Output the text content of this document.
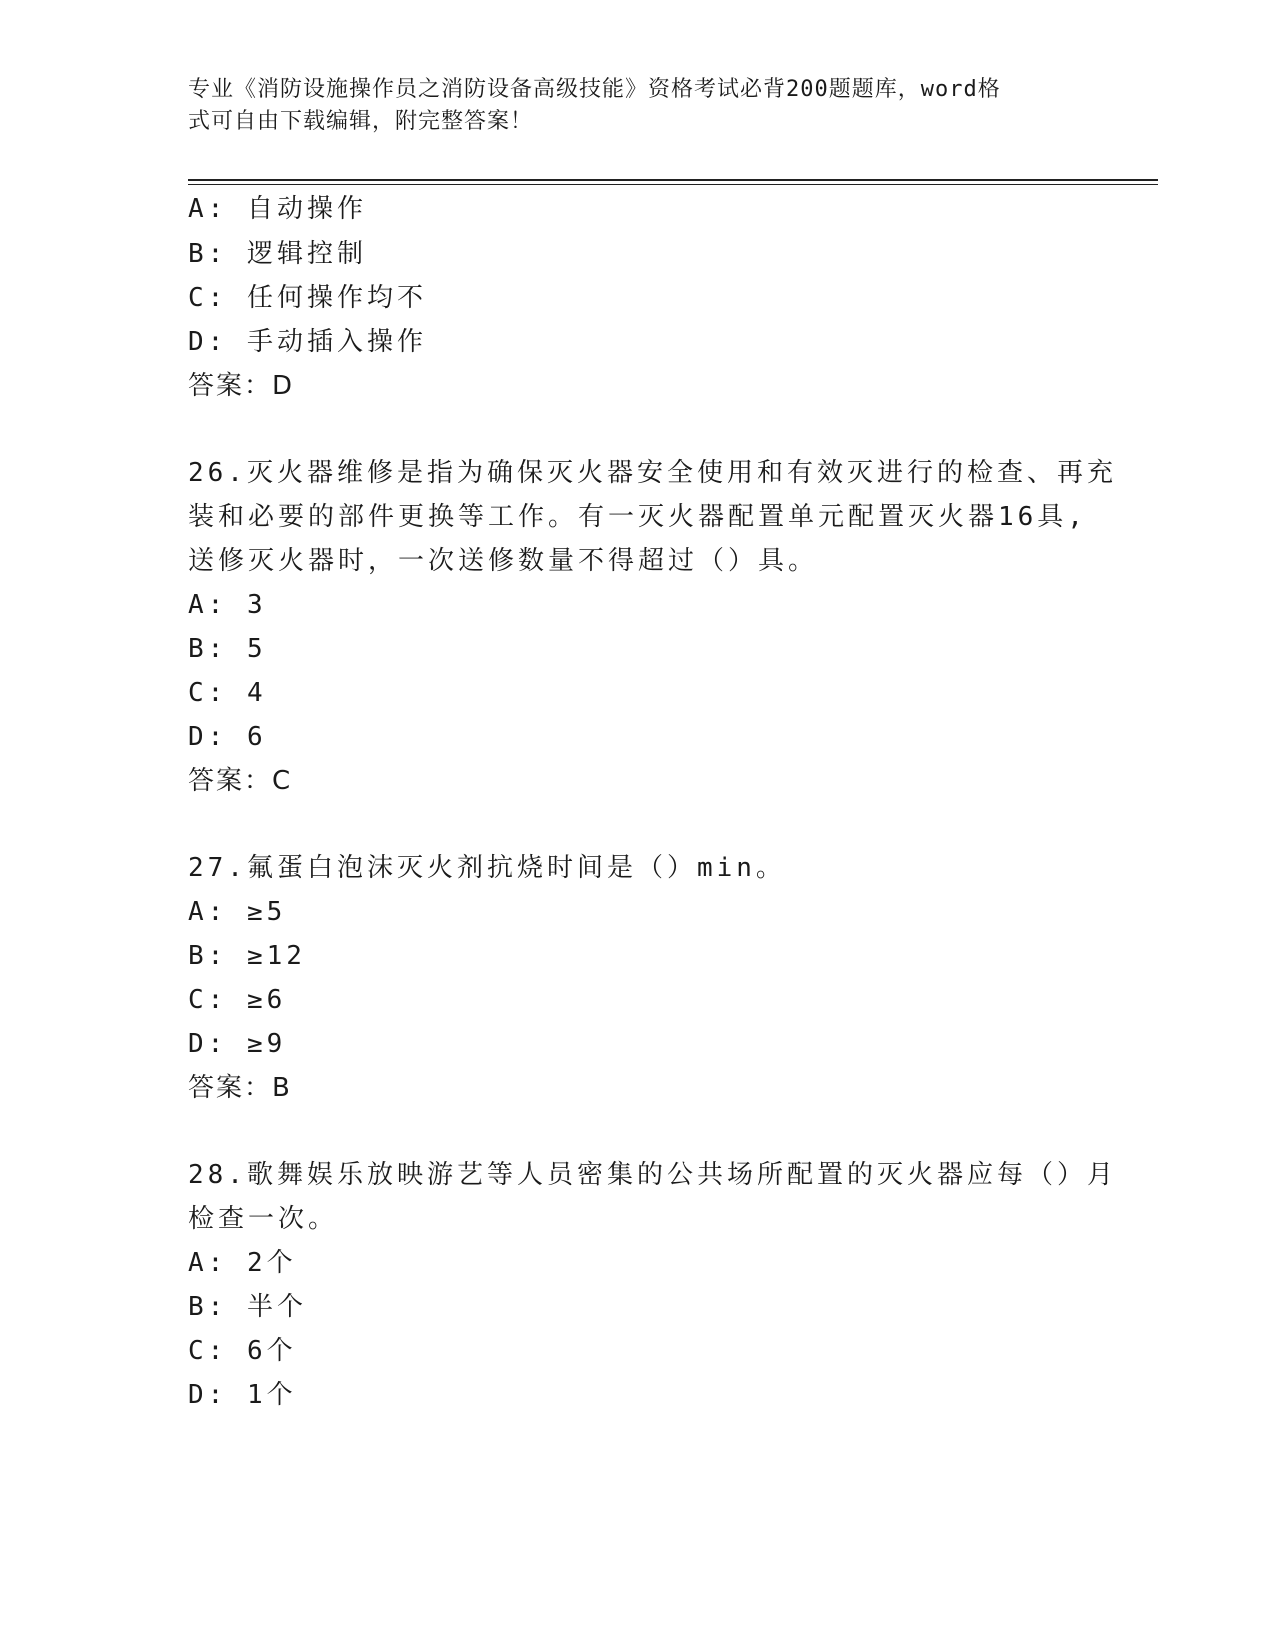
专业《消防设施操作员之消防设备高级技能》资格考试必背200题题库，word格
式可自由下载编辑，附完整答案！
A: 自动操作
B: 逻辑控制
C: 任何操作均不
D: 手动插入操作
答案：D
26.灭火器维修是指为确保灭火器安全使用和有效灭进行的检查、再充
装和必要的部件更换等工作。有一灭火器配置单元配置灭火器16具,
送修灭火器时，一次送修数量不得超过（）具。
A: 3
B: 5
C: 4
D: 6
答案：C
27.氟蛋白泡沫灭火剂抗烧时间是（）min。
A: ≥5
B: ≥12
C: ≥6
D: ≥9
答案：B
28.歌舞娱乐放映游艺等人员密集的公共场所配置的灭火器应每（）月
检查一次。
A: 2个
B: 半个
C: 6个
D: 1个
